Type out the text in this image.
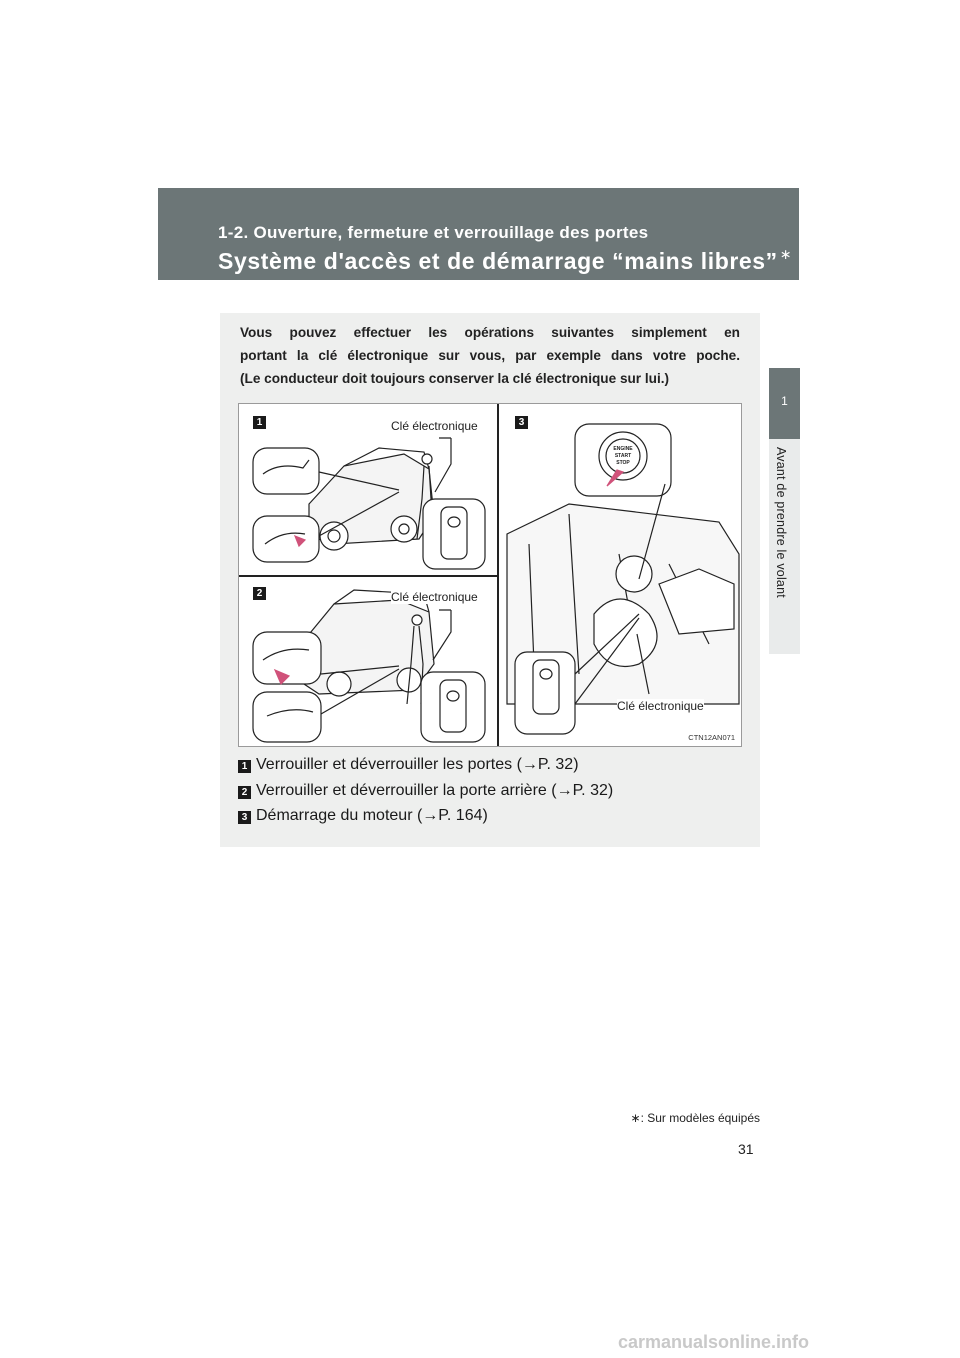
1-2. Ouverture, fermeture et verrouillage des portes
Système d'accès et de démarrage “mains libres” ∗
1
Avant de prendre le volant

Vous pouvez effectuer les opérations suivantes simplement en

portant la clé électronique sur vous, par exemple dans votre poche.

(Le conducteur doit toujours conserver la clé électronique sur lui.)

ENGINE
START
STOP
1
2
3
Clé électronique
Clé électronique
Clé électronique
CTN12AN071
1 Verrouiller et déverrouiller les portes (→P. 32)
2 Verrouiller et déverrouiller la porte arrière (→P. 32)
3 Démarrage du moteur (→P. 164)
∗: Sur modèles équipés
31
carmanualsonline.info
